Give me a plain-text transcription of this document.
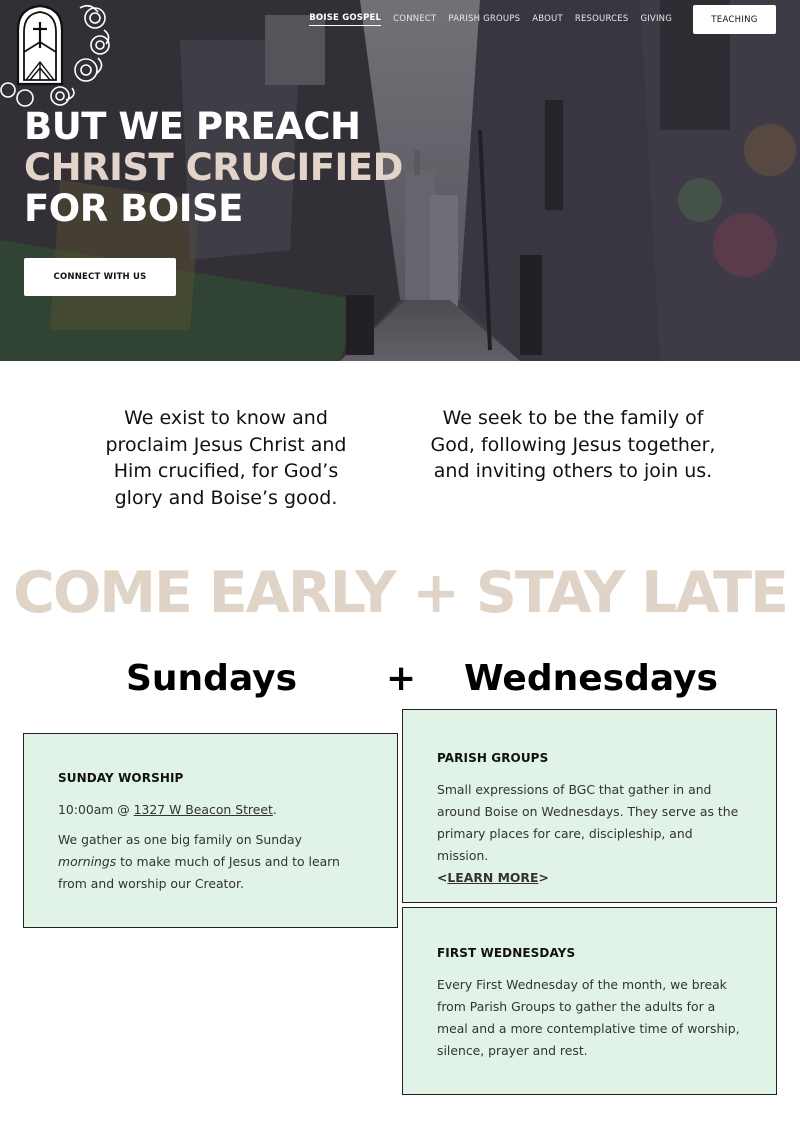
BOISE GOSPEL CONNECT PARISH GROUPS ABOUT RESOURCES GIVING	TEACHING
BUT WE PREACH
CHRIST CRUCIFIED
FOR BOISE
CONNECT WITH US

We exist to know and proclaim Jesus Christ and Him crucified, for God’s glory and Boise’s good.

We seek to be the family of God, following Jesus together, and inviting others to join us.

COME EARLY + STAY LATE
Sundays + Wednesdays
SUNDAY WORSHIP

10:00am @ 1327 W Beacon Street.

We gather as one big family on Sunday mornings to make much of Jesus and to learn from and worship our Creator.

PARISH GROUPS

Small expressions of BGC that gather in and around Boise on Wednesdays. They serve as the primary places for care, discipleship, and mission.

<LEARN MORE>

FIRST WEDNESDAYS

Every First Wednesday of the month, we break from Parish Groups to gather the adults for a meal and a more contemplative time of worship, silence, prayer and rest.
